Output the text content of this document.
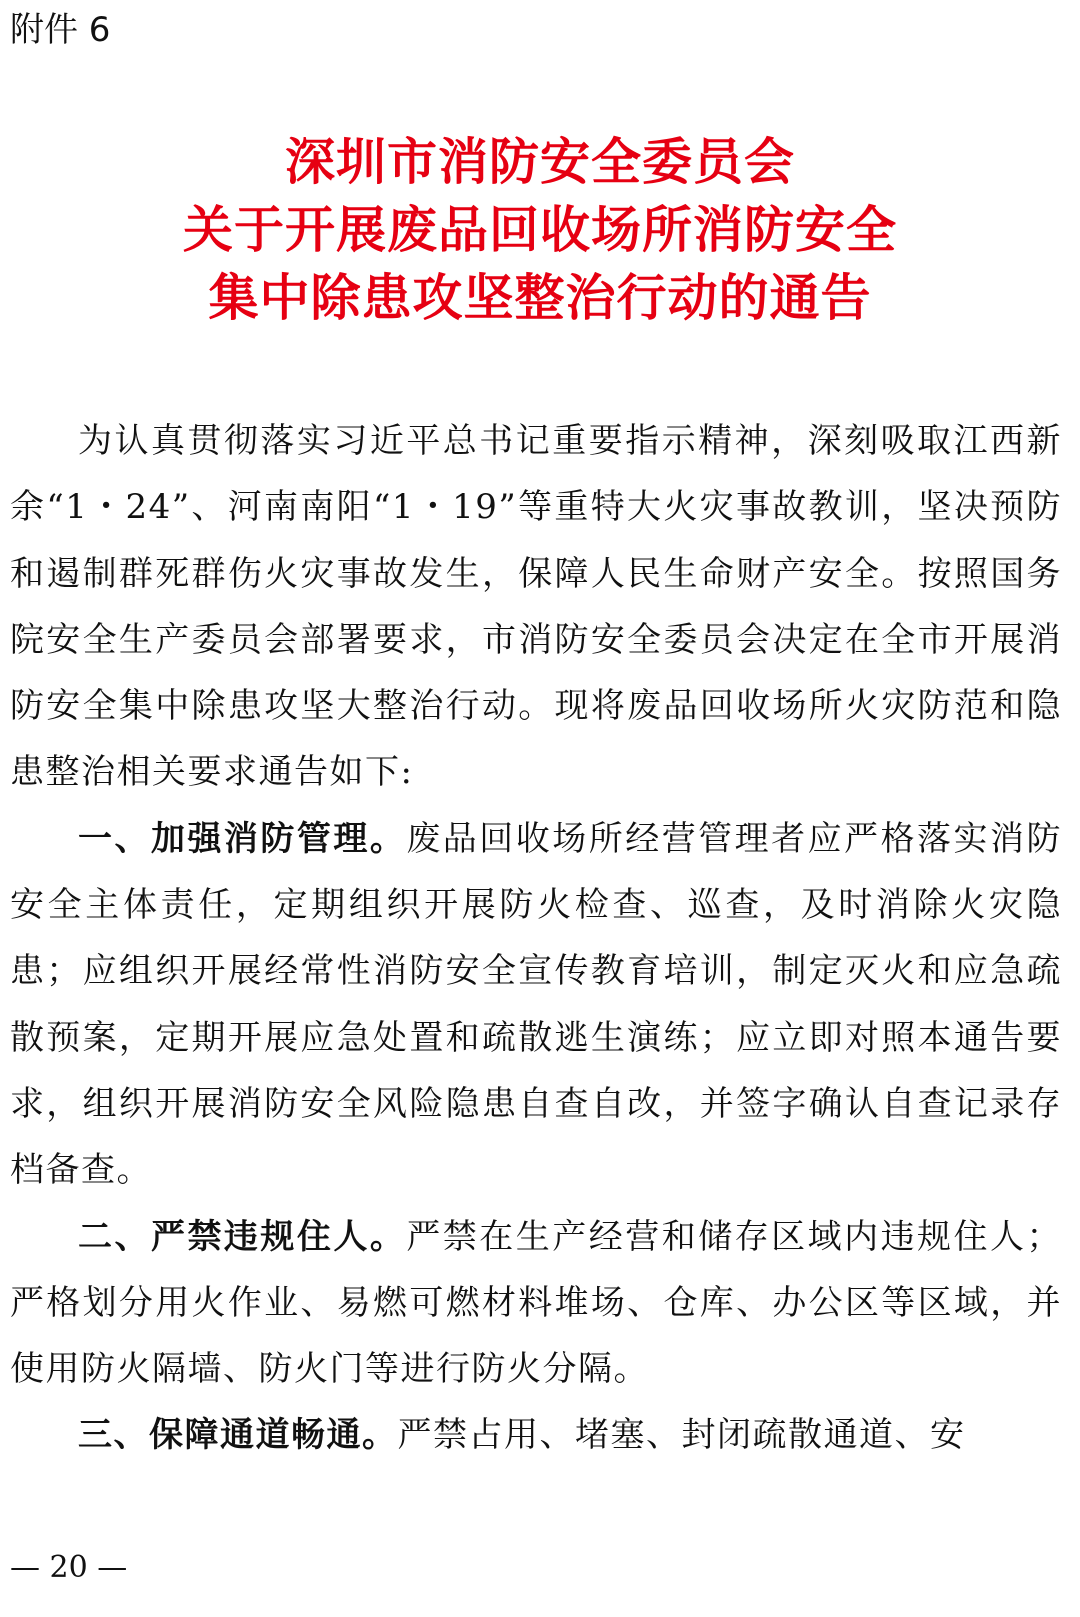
附件 6
深圳市消防安全委员会
关于开展废品回收场所消防安全
集中除患攻坚整治行动的通告

为认真贯彻落实习近平总书记重要指示精神，深刻吸取江西新余“1・24”、河南南阳“1・19”等重特大火灾事故教训，坚决预防和遏制群死群伤火灾事故发生，保障人民生命财产安全。按照国务院安全生产委员会部署要求，市消防安全委员会决定在全市开展消防安全集中除患攻坚大整治行动。现将废品回收场所火灾防范和隐患整治相关要求通告如下:

一、加强消防管理。废品回收场所经营管理者应严格落实消防安全主体责任，定期组织开展防火检查、巡查，及时消除火灾隐患；应组织开展经常性消防安全宣传教育培训，制定灭火和应急疏散预案，定期开展应急处置和疏散逃生演练；应立即对照本通告要求，组织开展消防安全风险隐患自查自改，并签字确认自查记录存档备查。

二、严禁违规住人。严禁在生产经营和储存区域内违规住人；严格划分用火作业、易燃可燃材料堆场、仓库、办公区等区域，并使用防火隔墙、防火门等进行防火分隔。

三、保障通道畅通。严禁占用、堵塞、封闭疏散通道、安

— 20 —
